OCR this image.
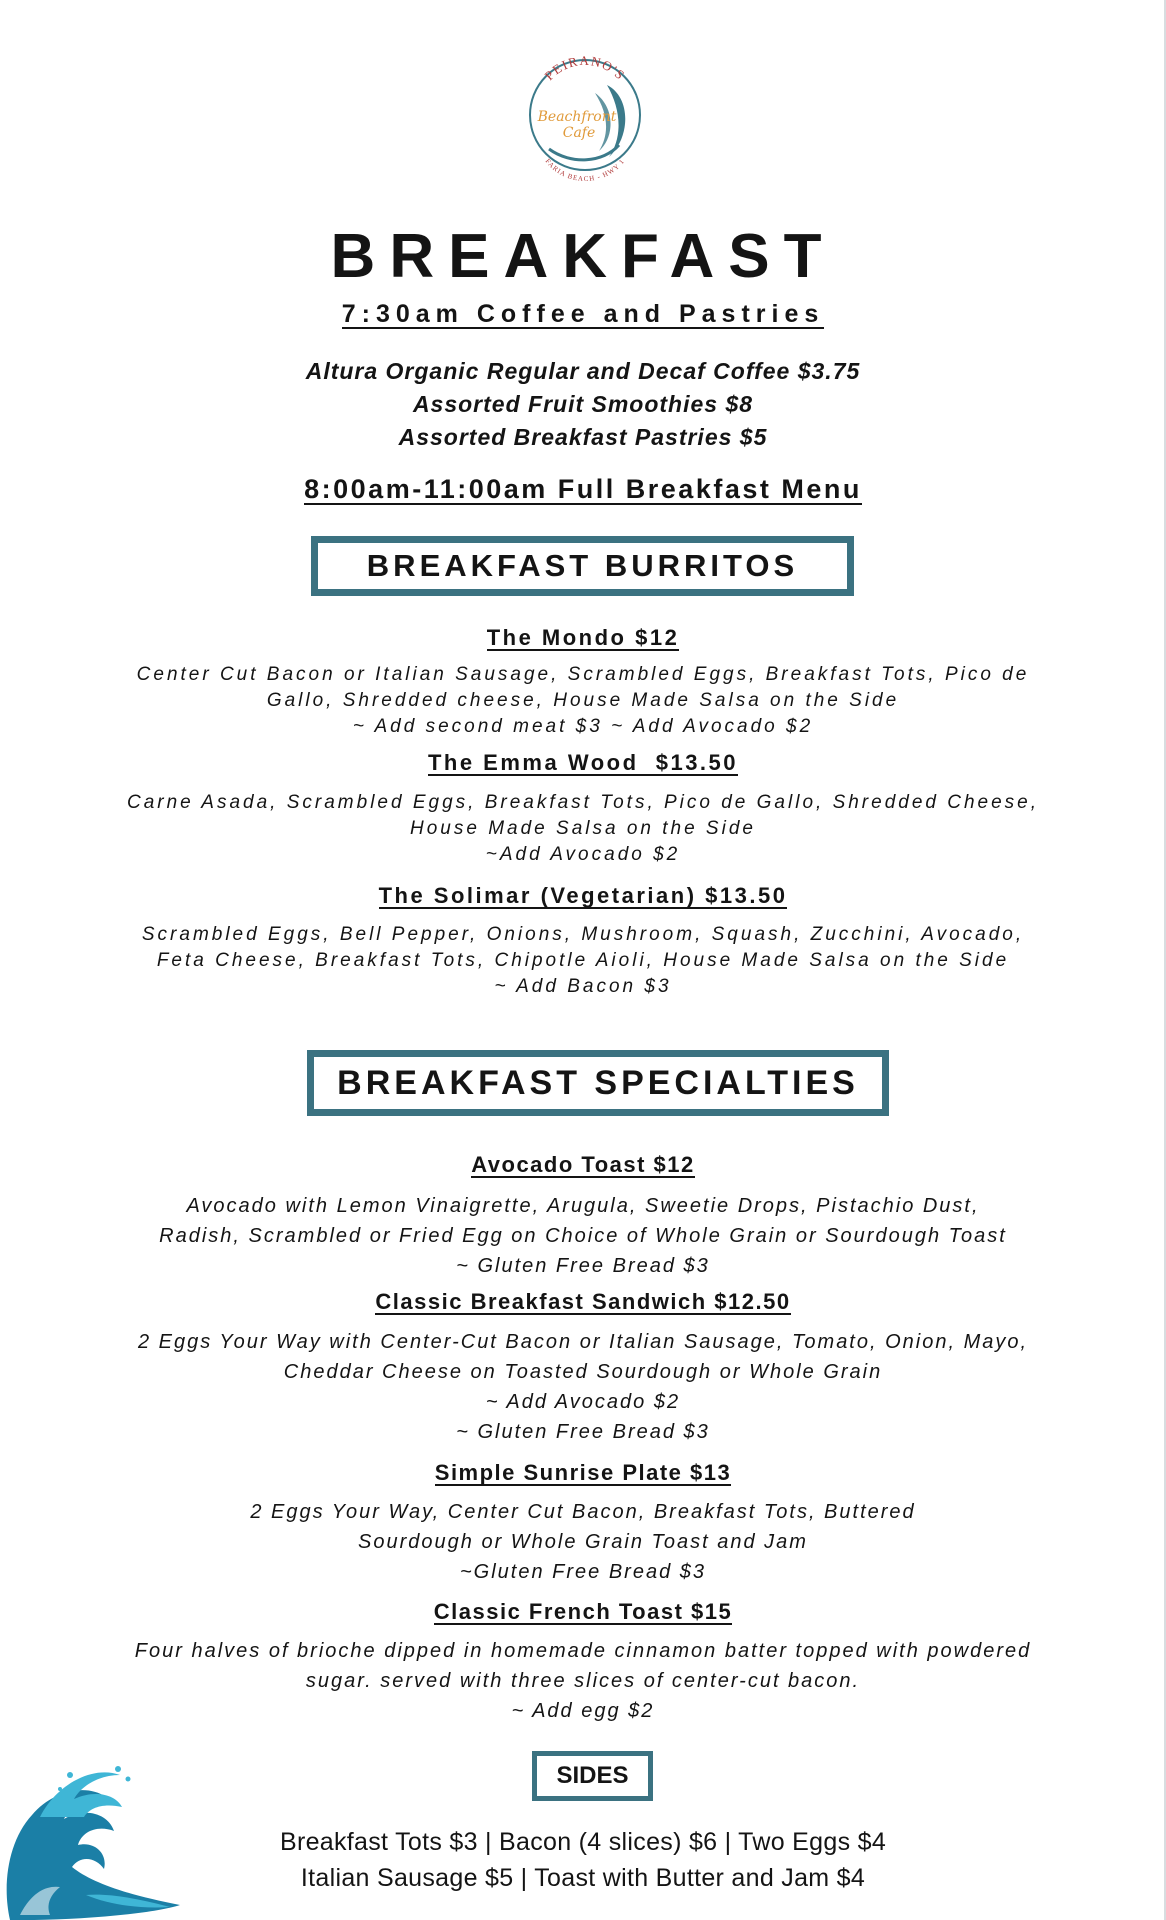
PEIRANO'S
Beachfront Cafe
FARIA BEACH - HWY 1
BREAKFAST
7:30am Coffee and Pastries
Altura Organic Regular and Decaf Coffee $3.75
Assorted Fruit Smoothies $8
Assorted Breakfast Pastries $5
8:00am-11:00am Full Breakfast Menu
BREAKFAST BURRITOS
The Mondo $12
Center Cut Bacon or Italian Sausage, Scrambled Eggs, Breakfast Tots, Pico de
Gallo, Shredded cheese, House Made Salsa on the Side
~ Add second meat $3 ~ Add Avocado $2
The Emma Wood  $13.50
Carne Asada, Scrambled Eggs, Breakfast Tots, Pico de Gallo, Shredded Cheese,
House Made Salsa on the Side
~Add Avocado $2
The Solimar (Vegetarian) $13.50
Scrambled Eggs, Bell Pepper, Onions, Mushroom, Squash, Zucchini, Avocado,
Feta Cheese, Breakfast Tots, Chipotle Aioli, House Made Salsa on the Side
~ Add Bacon $3
BREAKFAST SPECIALTIES
Avocado Toast $12
Avocado with Lemon Vinaigrette, Arugula, Sweetie Drops, Pistachio Dust,
Radish, Scrambled or Fried Egg on Choice of Whole Grain or Sourdough Toast
~ Gluten Free Bread $3
Classic Breakfast Sandwich $12.50
2 Eggs Your Way with Center-Cut Bacon or Italian Sausage, Tomato, Onion, Mayo,
Cheddar Cheese on Toasted Sourdough or Whole Grain
~ Add Avocado $2
~ Gluten Free Bread $3
Simple Sunrise Plate $13
2 Eggs Your Way, Center Cut Bacon, Breakfast Tots, Buttered
Sourdough or Whole Grain Toast and Jam
~Gluten Free Bread $3
Classic French Toast $15
Four halves of brioche dipped in homemade cinnamon batter topped with powdered
sugar. served with three slices of center-cut bacon.
~ Add egg $2
SIDES
Breakfast Tots $3 | Bacon (4 slices) $6 | Two Eggs $4
Italian Sausage $5 | Toast with Butter and Jam $4
